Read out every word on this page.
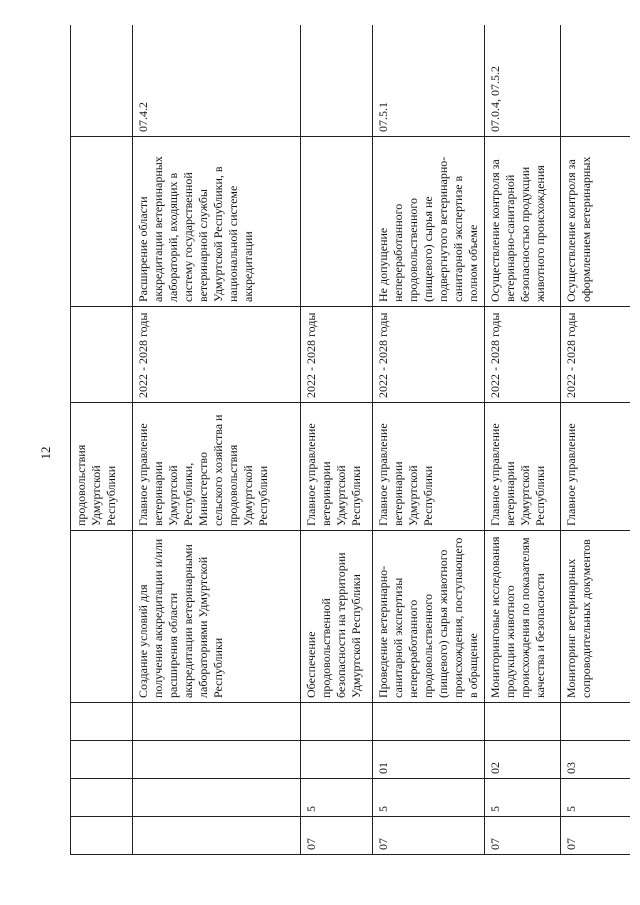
12
					продовольствия Удмуртской Республики			
				Создание условий для получения аккредитации и/или расширения области аккредитации ветеринарными лабораториями Удмуртской Республики	Главное управление ветеринарии Удмуртской Республики, Министерство сельского хозяйства и продовольствия Удмуртской Республики	2022 - 2028 годы	Расширение области аккредитации ветеринарных лабораторий, входящих в систему государственной ветеринарной службы Удмуртской Республики, в национальной системе аккредитации	07.4.2
07	5			Обеспечение продовольственной безопасности на территории Удмуртской Республики	Главное управление ветеринарии Удмуртской Республики	2022 - 2028 годы		
07	5	01		Проведение ветеринарно-санитарной экспертизы непереработанного продовольственного (пищевого) сырья животного происхождения, поступающего в обращение	Главное управление ветеринарии Удмуртской Республики	2022 - 2028 годы	Не допущение непереработанного продовольственного (пищевого) сырья не подвергнутого ветеринарно-санитарной экспертизе в полном объеме	07.5.1
07	5	02		Мониторинговые исследования продукции животного происхождения по показателям качества и безопасности	Главное управление ветеринарии Удмуртской Республики	2022 - 2028 годы	Осуществление контроля за ветеринарно-санитарной безопасностью продукции животного происхождения	07.0.4, 07.5.2
07	5	03		Мониторинг ветеринарных сопроводительных документов	Главное управление	2022 - 2028 годы	Осуществление контроля за оформлением ветеринарных	
